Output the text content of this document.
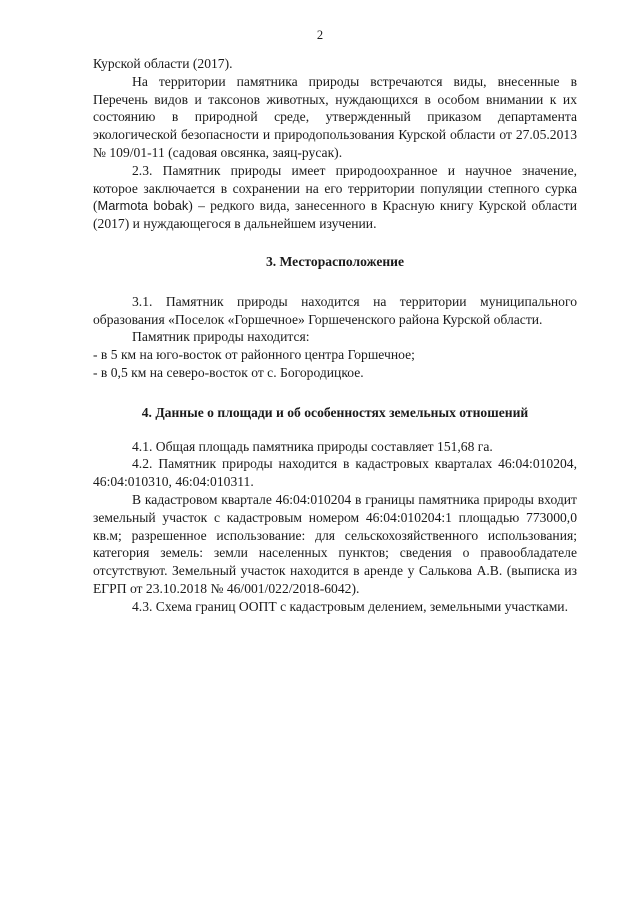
2

Курской области (2017).

На территории памятника природы встречаются виды, внесенные в Перечень видов и таксонов животных, нуждающихся в особом внимании к их состоянию в природной среде, утвержденный приказом департамента экологической безопасности и природопользования Курской области от 27.05.2013 № 109/01-11 (садовая овсянка, заяц-русак).

2.3. Памятник природы имеет природоохранное и научное значение, которое заключается в сохранении на его территории популяции степного сурка (Marmota bobak) – редкого вида, занесенного в Красную книгу Курской области (2017) и нуждающегося в дальнейшем изучении.

3. Месторасположение

3.1. Памятник природы находится на территории муниципального образования «Поселок «Горшечное» Горшеченского района Курской области.

Памятник природы находится:

- в 5 км на юго-восток от районного центра Горшечное;

- в 0,5 км на северо-восток от с. Богородицкое.

4. Данные о площади и об особенностях земельных отношений

4.1. Общая площадь памятника природы составляет 151,68 га.

4.2. Памятник природы находится в кадастровых кварталах 46:04:010204, 46:04:010310, 46:04:010311.

В кадастровом квартале 46:04:010204 в границы памятника природы входит земельный участок с кадастровым номером 46:04:010204:1 площадью 773000,0 кв.м; разрешенное использование: для сельскохозяйственного использования; категория земель: земли населенных пунктов; сведения о правообладателе отсутствуют. Земельный участок находится в аренде у Салькова А.В. (выписка из ЕГРП от 23.10.2018 № 46/001/022/2018-6042).

4.3. Схема границ ООПТ с кадастровым делением, земельными участками.
